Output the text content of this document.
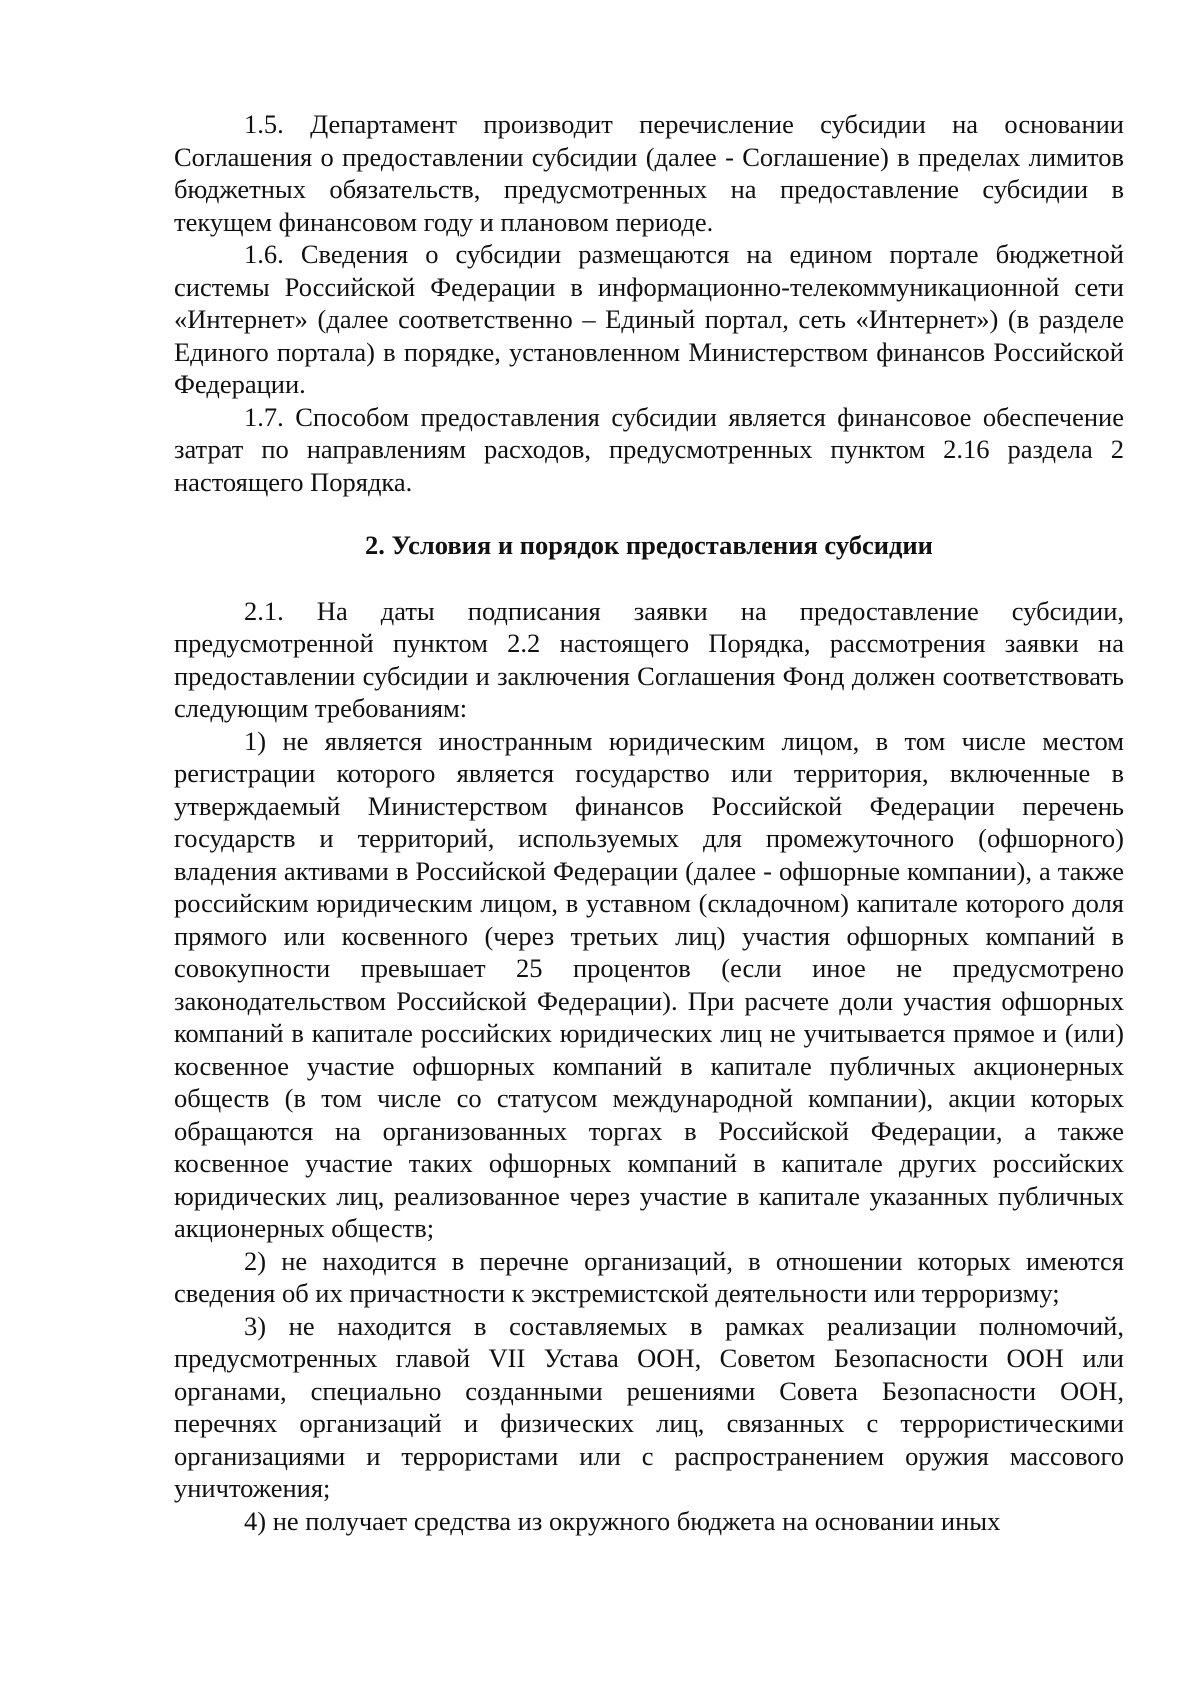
1.5. Департамент производит перечисление субсидии на основании Соглашения о предоставлении субсидии (далее - Соглашение) в пределах лимитов бюджетных обязательств, предусмотренных на предоставление субсидии в текущем финансовом году и плановом периоде.

1.6. Сведения о субсидии размещаются на едином портале бюджетной системы Российской Федерации в информационно-телекоммуникационной сети «Интернет» (далее соответственно – Единый портал, сеть «Интернет») (в разделе Единого портала) в порядке, установленном Министерством финансов Российской Федерации.

1.7. Способом предоставления субсидии является финансовое обеспечение затрат по направлениям расходов, предусмотренных пунктом 2.16 раздела 2 настоящего Порядка.

2. Условия и порядок предоставления субсидии

2.1. На даты подписания заявки на предоставление субсидии, предусмотренной пунктом 2.2 настоящего Порядка, рассмотрения заявки на предоставлении субсидии и заключения Соглашения Фонд должен соответствовать следующим требованиям:

1) не является иностранным юридическим лицом, в том числе местом регистрации которого является государство или территория, включенные в утверждаемый Министерством финансов Российской Федерации перечень государств и территорий, используемых для промежуточного (офшорного) владения активами в Российской Федерации (далее - офшорные компании), а также российским юридическим лицом, в уставном (складочном) капитале которого доля прямого или косвенного (через третьих лиц) участия офшорных компаний в совокупности превышает 25 процентов (если иное не предусмотрено законодательством Российской Федерации). При расчете доли участия офшорных компаний в капитале российских юридических лиц не учитывается прямое и (или) косвенное участие офшорных компаний в капитале публичных акционерных обществ (в том числе со статусом международной компании), акции которых обращаются на организованных торгах в Российской Федерации, а также косвенное участие таких офшорных компаний в капитале других российских юридических лиц, реализованное через участие в капитале указанных публичных акционерных обществ;

2) не находится в перечне организаций, в отношении которых имеются сведения об их причастности к экстремистской деятельности или терроризму;

3) не находится в составляемых в рамках реализации полномочий, предусмотренных главой VII Устава ООН, Советом Безопасности ООН или органами, специально созданными решениями Совета Безопасности ООН, перечнях организаций и физических лиц, связанных с террористическими организациями и террористами или с распространением оружия массового уничтожения;

4) не получает средства из окружного бюджета на основании иных
